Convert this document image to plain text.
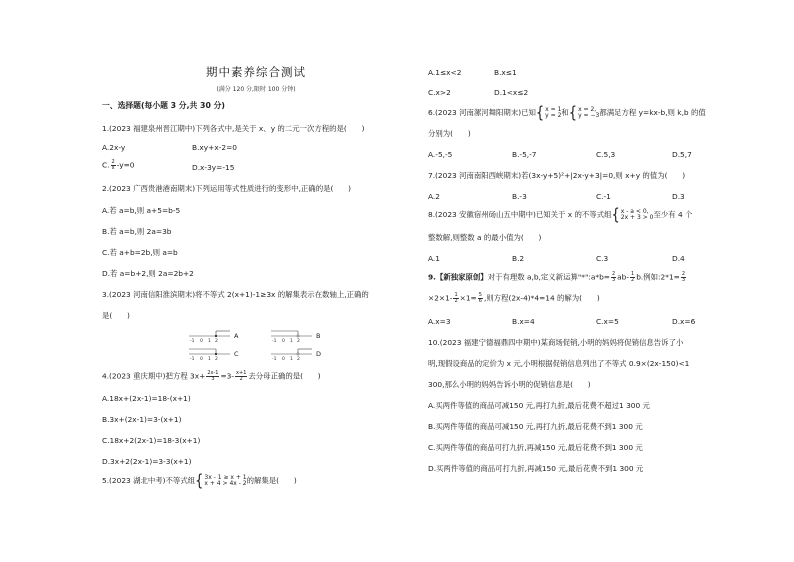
期中素养综合测试
(满分 120 分,限时 100 分钟)
一、选择题(每小题 3 分,共 30 分)
1.(2023 福建泉州晋江期中)下列各式中,是关于 x、y 的二元一次方程的是(　　)
A.2x-y	B.xy+x-2=0
C. $\frac{2}{x} -y=0$	D.x-3y=-15
2.(2023 广西贵港港南期末)下列运用等式性质进行的变形中,正确的是(　　)
A.若 a=b,则 a+5=b-5
B.若 a=b,则 2a=3b
C.若 a+b=2b,则 a=b
D.若 a=b+2,则 2a=2b+2
3.(2023 河南信阳淮滨期末)将不等式 2(x+1)-1≥3x 的解集表示在数轴上,正确的
是(　　)
-1 0 1 2
A
-1 0 1 2
B
-1 0 1 2
C
-1 0 1 2
D
4.(2023 重庆期中)把方程 $3x+ \frac{2x-1}{3} =3- \frac{x+1}{2}$ 去分母正确的是(　　)
A.18x+(2x-1)=18-(x+1)
B.3x+(2x-1)=3-(x+1)
C.18x+2(2x-1)=18-3(x+1)
D.3x+2(2x-1)=3-3(x+1)
5.(2023 湖北中考)不等式组{ 3x - 1 ≥ x + 1
x + 4 > 4x - 2 的解集是(　　)
A.1≤x<2	B.x≤1
C.x>2	D.1<x≤2
6.(2023 河南漯河舞阳期末)已知{ x = 1
y = 2 和{ x = 2,
y = −3 都满足方程 y=kx-b,则 k,b 的值
分别为(　　)
A.-5,-5	B.-5,-7	C.5,3	D.5,7
7.(2023 河南南阳西峡期末)若(3x-y+5)²+|2x-y+3|=0,则 x+y 的值为(　　)
A.2	B.-3	C.-1	D.3
8.(2023 安徽宿州砀山五中期中)已知关于 x 的不等式组{ x - a < 0,
2x + 3 > 0 至少有 4 个
整数解,则整数 a 的最小值为(　　)
A.1	B.2	C.3	D.4
9.【新独家原创】对于有理数 a,b,定义新运算"*":a*b= $\frac{2}{3} ab- \frac{1}{2} b$.例如:2*1= $\frac{2}{3}$
$\times 2\times 1- \frac{1}{2} \times 1= \frac{5}{6}$ ,则方程(2x-4)*4=14 的解为(　　)
A.x=3	B.x=4	C.x=5	D.x=6
10.(2023 福建宁德福鼎四中期中)某商场促销,小明的妈妈将促销信息告诉了小
明,现假设商品的定价为 x 元,小明根据促销信息列出了不等式 0.9×(2x-150)<1
300,那么小明的妈妈告诉小明的促销信息是(　　)
A.买两件等值的商品可减150 元,再打九折,最后花费不超过1 300 元
B.买两件等值的商品可减150 元,再打九折,最后花费不到1 300 元
C.买两件等值的商品可打九折,再减150 元,最后花费不到1 300 元
D.买两件等值的商品可打九折,再减150 元,最后花费不到1 300 元
